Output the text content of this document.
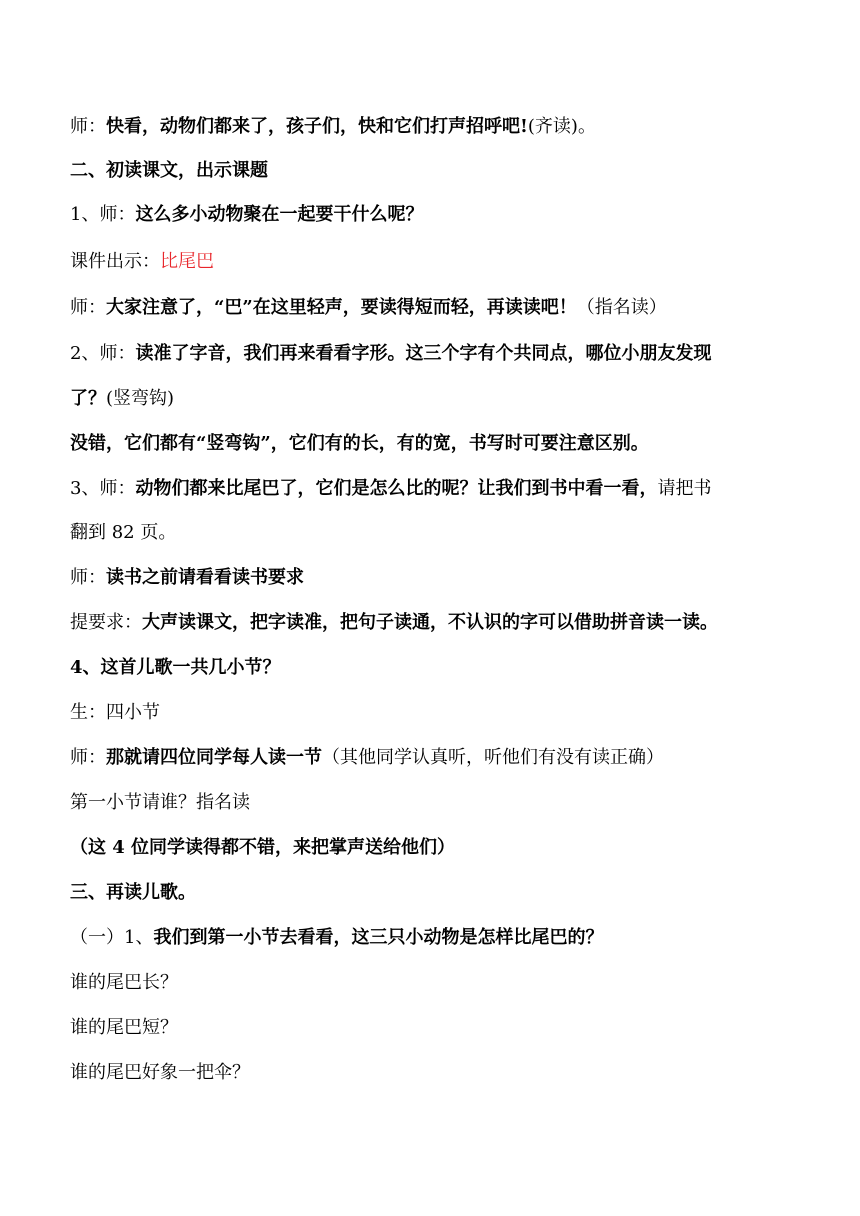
师：快看，动物们都来了，孩子们，快和它们打声招呼吧!(齐读)。
二、初读课文，出示课题
1、师：这么多小动物聚在一起要干什么呢？
课件出示：比尾巴
师：大家注意了，“巴”在这里轻声，要读得短而轻，再读读吧！（指名读）
2、师：读准了字音，我们再来看看字形。这三个字有个共同点，哪位小朋友发现
了？(竖弯钩)
没错，它们都有“竖弯钩”，它们有的长，有的宽，书写时可要注意区别。
3、师：动物们都来比尾巴了，它们是怎么比的呢？让我们到书中看一看，请把书
翻到 82 页。
师：读书之前请看看读书要求
提要求：大声读课文，把字读准，把句子读通，不认识的字可以借助拼音读一读。
4、这首儿歌一共几小节？
生：四小节
师：那就请四位同学每人读一节（其他同学认真听，听他们有没有读正确）
第一小节请谁？指名读
（这 4 位同学读得都不错，来把掌声送给他们）
三、再读儿歌。
（一）1、我们到第一小节去看看，这三只小动物是怎样比尾巴的？
谁的尾巴长？
谁的尾巴短？
谁的尾巴好象一把伞？
